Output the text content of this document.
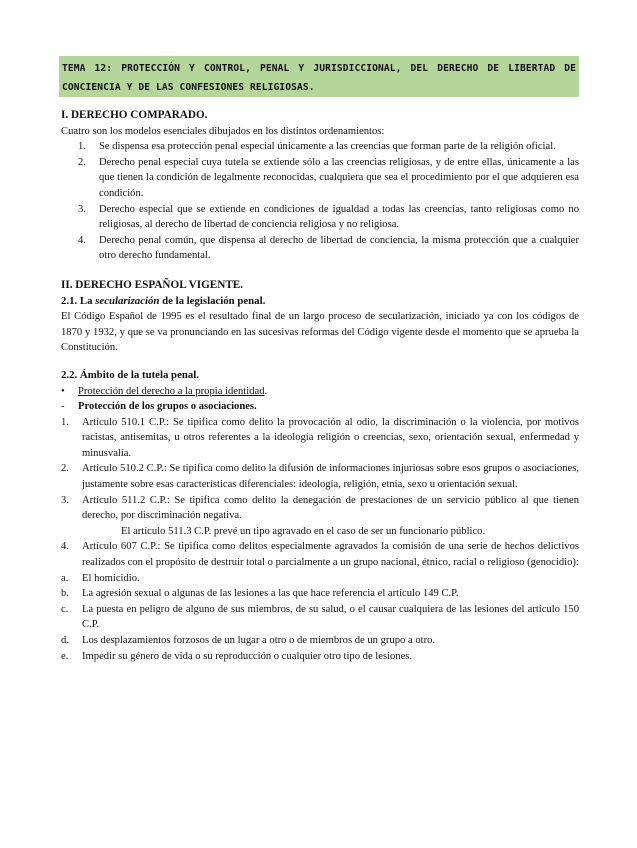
TEMA 12: PROTECCIÓN Y CONTROL, PENAL Y JURISDICCIONAL, DEL DERECHO DE LIBERTAD DE CONCIENCIA Y DE LAS CONFESIONES RELIGIOSAS.

I. DERECHO COMPARADO.

Cuatro son los modelos esenciales dibujados en los distintos ordenamientos:

1. Se dispensa esa protección penal especial únicamente a las creencias que forman parte de la religión oficial.
2. Derecho penal especial cuya tutela se extiende sólo a las creencias religiosas, y de entre ellas, únicamente a las que tienen la condición de legalmente reconocidas, cualquiera que sea el procedimiento por el que adquieren esa condición.
3. Derecho especial que se extiende en condiciones de igualdad a todas las creencias, tanto religiosas como no religiosas, al derecho de libertad de conciencia religiosa y no religiosa.
4. Derecho penal común, que dispensa al derecho de libertad de conciencia, la misma protección que a cualquier otro derecho fundamental.

II. DERECHO ESPAÑOL VIGENTE.

2.1. La secularización de la legislación penal.

El Código Español de 1995 es el resultado final de un largo proceso de secularización, iniciado ya con los códigos de 1870 y 1932, y que se va pronunciando en las sucesivas reformas del Código vigente desde el momento que se aprueba la Constitución.

2.2. Ámbito de la tutela penal.

• Protección del derecho a la propia identidad.
- Protección de los grupos o asociaciones.
1. Artículo 510.1 C.P.: Se tipifica como delito la provocación al odio, la discriminación o la violencia, por motivos racistas, antisemitas, u otros referentes a la ideología religión o creencias, sexo, orientación sexual, enfermedad y minusvalía.
2. Artículo 510.2 C.P.: Se tipifica como delito la difusión de informaciones injuriosas sobre esos grupos o asociaciones, justamente sobre esas características diferenciales: ideología, religión, etnia, sexo u orientación sexual.
3. Artículo 511.2 C.P.: Se tipifica como delito la denegación de prestaciones de un servicio público al que tienen derecho, por discriminación negativa.
El artículo 511.3 C.P. prevé un tipo agravado en el caso de ser un funcionario público.
4. Artículo 607 C.P.: Se tipifica como delitos especialmente agravados la comisión de una serie de hechos delictivos realizados con el propósito de destruir total o parcialmente a un grupo nacional, étnico, racial o religioso (genocidio):
a. El homicidio.
b. La agresión sexual o algunas de las lesiones a las que hace referencia el artículo 149 C.P.
c. La puesta en peligro de alguno de sus miembros, de su salud, o el causar cualquiera de las lesiones del artículo 150 C.P.
d. Los desplazamientos forzosos de un lugar a otro o de miembros de un grupo a otro.
e. Impedir su género de vida o su reproducción o cualquier otro tipo de lesiones.
